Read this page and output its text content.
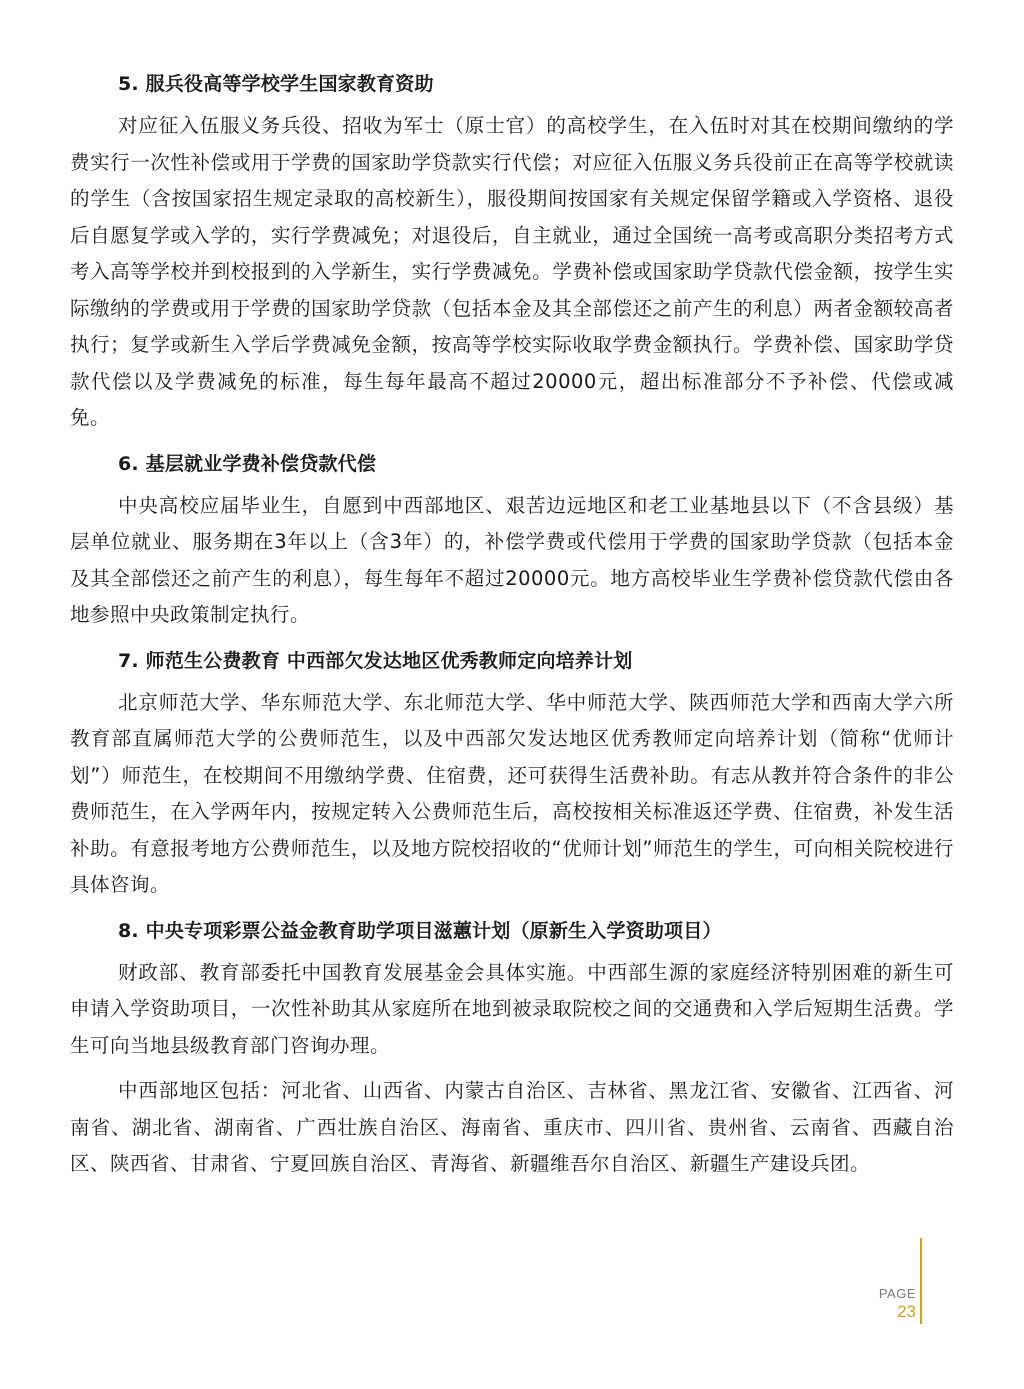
5. 服兵役高等学校学生国家教育资助

对应征入伍服义务兵役、招收为军士（原士官）的高校学生，在入伍时对其在校期间缴纳的学费实行一次性补偿或用于学费的国家助学贷款实行代偿；对应征入伍服义务兵役前正在高等学校就读的学生（含按国家招生规定录取的高校新生），服役期间按国家有关规定保留学籍或入学资格、退役后自愿复学或入学的，实行学费减免；对退役后，自主就业，通过全国统一高考或高职分类招考方式考入高等学校并到校报到的入学新生，实行学费减免。学费补偿或国家助学贷款代偿金额，按学生实际缴纳的学费或用于学费的国家助学贷款（包括本金及其全部偿还之前产生的利息）两者金额较高者执行；复学或新生入学后学费减免金额，按高等学校实际收取学费金额执行。学费补偿、国家助学贷款代偿以及学费减免的标准，每生每年最高不超过20000元，超出标准部分不予补偿、代偿或减免。

6. 基层就业学费补偿贷款代偿

中央高校应届毕业生，自愿到中西部地区、艰苦边远地区和老工业基地县以下（不含县级）基层单位就业、服务期在3年以上（含3年）的，补偿学费或代偿用于学费的国家助学贷款（包括本金及其全部偿还之前产生的利息），每生每年不超过20000元。地方高校毕业生学费补偿贷款代偿由各地参照中央政策制定执行。

7. 师范生公费教育 中西部欠发达地区优秀教师定向培养计划

北京师范大学、华东师范大学、东北师范大学、华中师范大学、陕西师范大学和西南大学六所教育部直属师范大学的公费师范生，以及中西部欠发达地区优秀教师定向培养计划（简称“优师计划”）师范生，在校期间不用缴纳学费、住宿费，还可获得生活费补助。有志从教并符合条件的非公费师范生，在入学两年内，按规定转入公费师范生后，高校按相关标准返还学费、住宿费，补发生活补助。有意报考地方公费师范生，以及地方院校招收的“优师计划”师范生的学生，可向相关院校进行具体咨询。

8. 中央专项彩票公益金教育助学项目滋蕙计划（原新生入学资助项目）

财政部、教育部委托中国教育发展基金会具体实施。中西部生源的家庭经济特别困难的新生可申请入学资助项目，一次性补助其从家庭所在地到被录取院校之间的交通费和入学后短期生活费。学生可向当地县级教育部门咨询办理。

中西部地区包括：河北省、山西省、内蒙古自治区、吉林省、黑龙江省、安徽省、江西省、河南省、湖北省、湖南省、广西壮族自治区、海南省、重庆市、四川省、贵州省、云南省、西藏自治区、陕西省、甘肃省、宁夏回族自治区、青海省、新疆维吾尔自治区、新疆生产建设兵团。

PAGE
23
